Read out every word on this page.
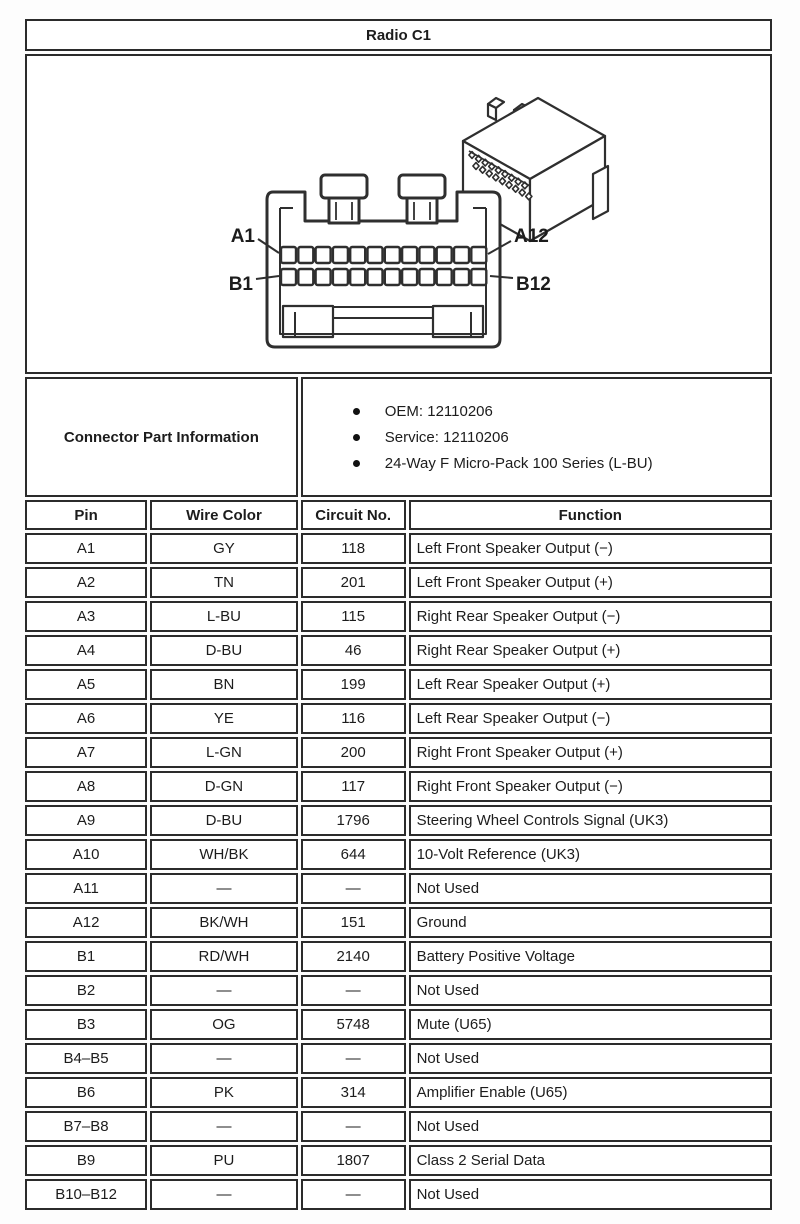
Radio C1			

A1 A12
B1 B12			

Connector Part Information	
OEM: 12110206
Service: 12110206
24-Way F Micro-Pack 100 Series (L-BU)

Pin	Wire Color	Circuit No.	Function
A1	GY	118	Left Front Speaker Output (−)
A2	TN	201	Left Front Speaker Output (+)
A3	L-BU	115	Right Rear Speaker Output (−)
A4	D-BU	46	Right Rear Speaker Output (+)
A5	BN	199	Left Rear Speaker Output (+)
A6	YE	116	Left Rear Speaker Output (−)
A7	L-GN	200	Right Front Speaker Output (+)
A8	D-GN	117	Right Front Speaker Output (−)
A9	D-BU	1796	Steering Wheel Controls Signal (UK3)
A10	WH/BK	644	10-Volt Reference (UK3)
A11	—	—	Not Used
A12	BK/WH	151	Ground
B1	RD/WH	2140	Battery Positive Voltage
B2	—	—	Not Used
B3	OG	5748	Mute (U65)
B4–B5	—	—	Not Used
B6	PK	314	Amplifier Enable (U65)
B7–B8	—	—	Not Used
B9	PU	1807	Class 2 Serial Data
B10–B12	—	—	Not Used
